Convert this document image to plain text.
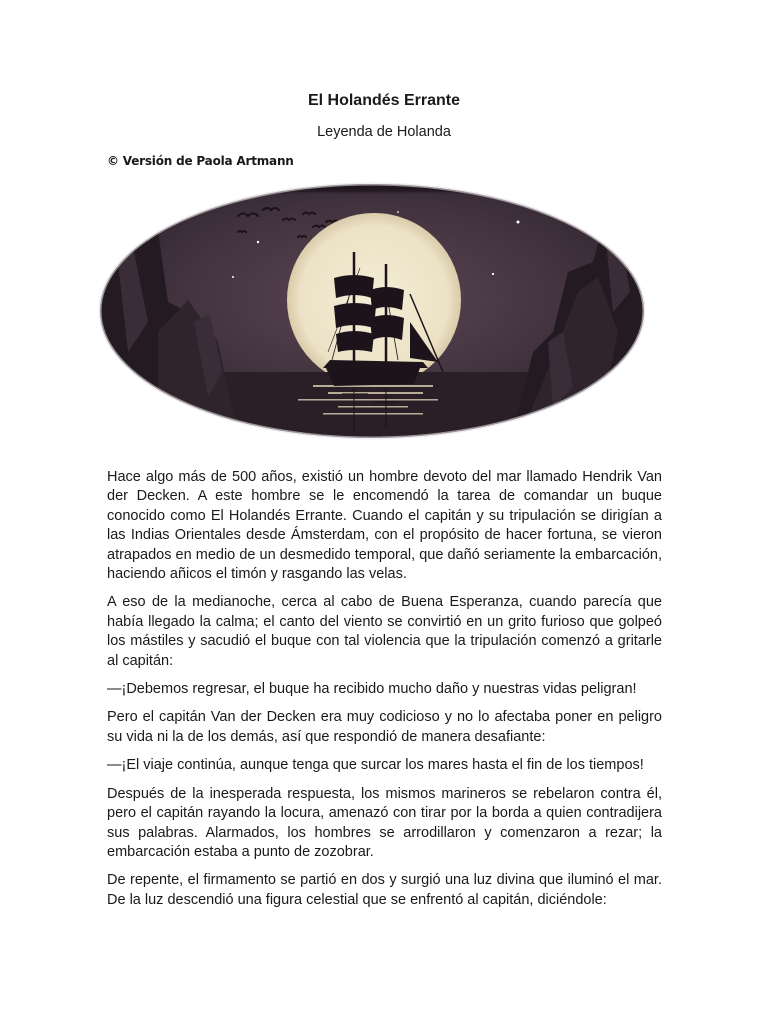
El Holandés Errante

Leyenda de Holanda

© Versión de Paola Artmann

Hace algo más de 500 años, existió un hombre devoto del mar llamado Hendrik Van der Decken. A este hombre se le encomendó la tarea de comandar un buque conocido como El Holandés Errante. Cuando el capitán y su tripulación se dirigían a las Indias Orientales desde Ámsterdam, con el propósito de hacer fortuna, se vieron atrapados en medio de un desmedido temporal, que dañó seriamente la embarcación, haciendo añicos el timón y rasgando las velas.

A eso de la medianoche, cerca al cabo de Buena Esperanza, cuando parecía que había llegado la calma; el canto del viento se convirtió en un grito furioso que golpeó los mástiles y sacudió el buque con tal violencia que la tripulación comenzó a gritarle al capitán:

—¡Debemos regresar, el buque ha recibido mucho daño y nuestras vidas peligran!

Pero el capitán Van der Decken era muy codicioso y no lo afectaba poner en peligro su vida ni la de los demás, así que respondió de manera desafiante:

—¡El viaje continúa, aunque tenga que surcar los mares hasta el fin de los tiempos!

Después de la inesperada respuesta, los mismos marineros se rebelaron contra él, pero el capitán rayando la locura, amenazó con tirar por la borda a quien contradijera sus palabras. Alarmados, los hombres se arrodillaron y comenzaron a rezar; la embarcación estaba a punto de zozobrar.

De repente, el firmamento se partió en dos y surgió una luz divina que iluminó el mar. De la luz descendió una figura celestial que se enfrentó al capitán, diciéndole:
